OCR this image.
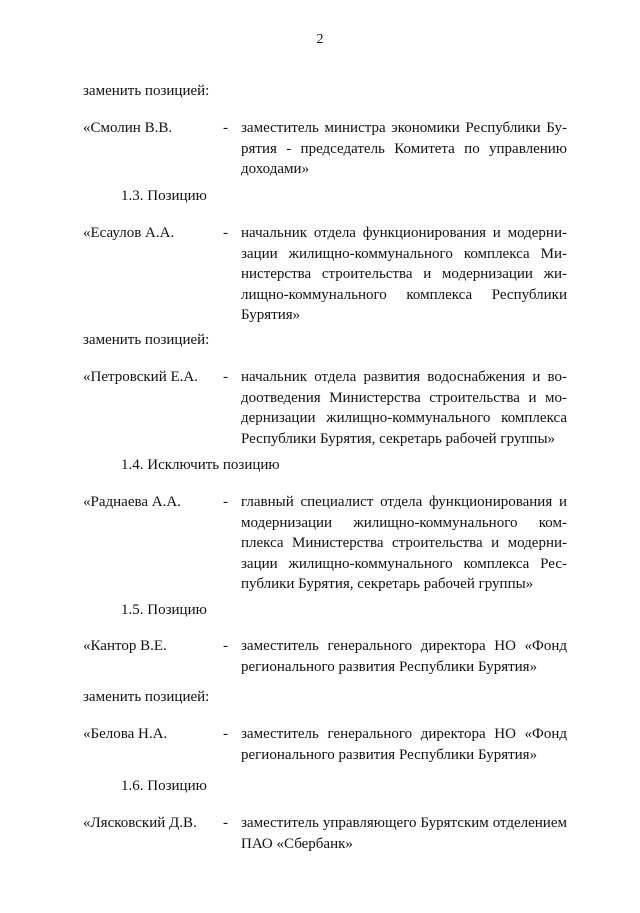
2
заменить позицией:
«Смолин В.В.	- заместитель министра экономики Республики Бурятия - председатель Комитета по управлению доходами»
1.3. Позицию
«Есаулов А.А.	- начальник отдела функционирования и модернизации жилищно-коммунального комплекса Министерства строительства и модернизации жилищно-коммунального комплекса Республики Бурятия»
заменить позицией:
«Петровский Е.А. - начальник отдела развития водоснабжения и водоотведения Министерства строительства и модернизации жилищно-коммунального комплекса Республики Бурятия, секретарь рабочей группы»
1.4. Исключить позицию
«Раднаева А.А.	- главный специалист отдела функционирования и модернизации жилищно-коммунального комплекса Министерства строительства и модернизации жилищно-коммунального комплекса Республики Бурятия, секретарь рабочей группы»
1.5. Позицию
«Кантор В.Е.	- заместитель генерального директора НО «Фонд регионального развития Республики Бурятия»
заменить позицией:
«Белова Н.А.	- заместитель генерального директора НО «Фонд регионального развития Республики Бурятия»
1.6. Позицию
«Лясковский Д.В. - заместитель управляющего Бурятским отделением ПАО «Сбербанк»
